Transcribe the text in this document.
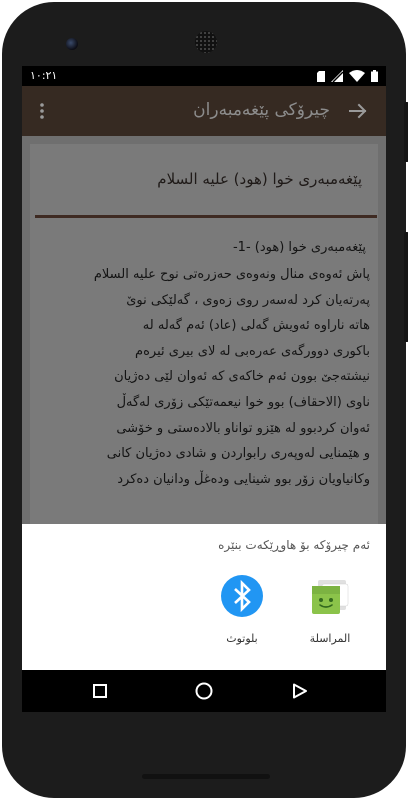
١٠:٢١
چیرۆکی پێغەمبەران
پێغەمبەری خوا (هود) علیه السلام
پێغەمبەری خوا (هود) -1-
پاش ئەوەی منال ونەوەی حەزرەتی نوح علیه السلام
پەرتەیان کرد لەسەر روی زەوی ، گەلێکی نوێ
هاتە ناراوە ئەویش گەلی (عاد) ئەم گەلە لە
باکوری دوورگەی عەرەبی لە لای بیری ئیرەم
نیشتەجێ بوون ئەم خاکەی کە ئەوان لێی دەژیان
ناوی (الاحقاف) بوو خوا نیعمەتێکی زۆری لەگەڵ
ئەوان کردبوو لە هێزو تواناو بالادەستی و خۆشی
و هێمنایی لەوپەری رابواردن و شادی دەژیان کانی
وکانیاویان زۆر بوو شینایی ودەغڵ ودانیان دەکرد
ئەم چیرۆکە بۆ هاوڕێکەت بنێرە
المراسلة
بلوتوث
